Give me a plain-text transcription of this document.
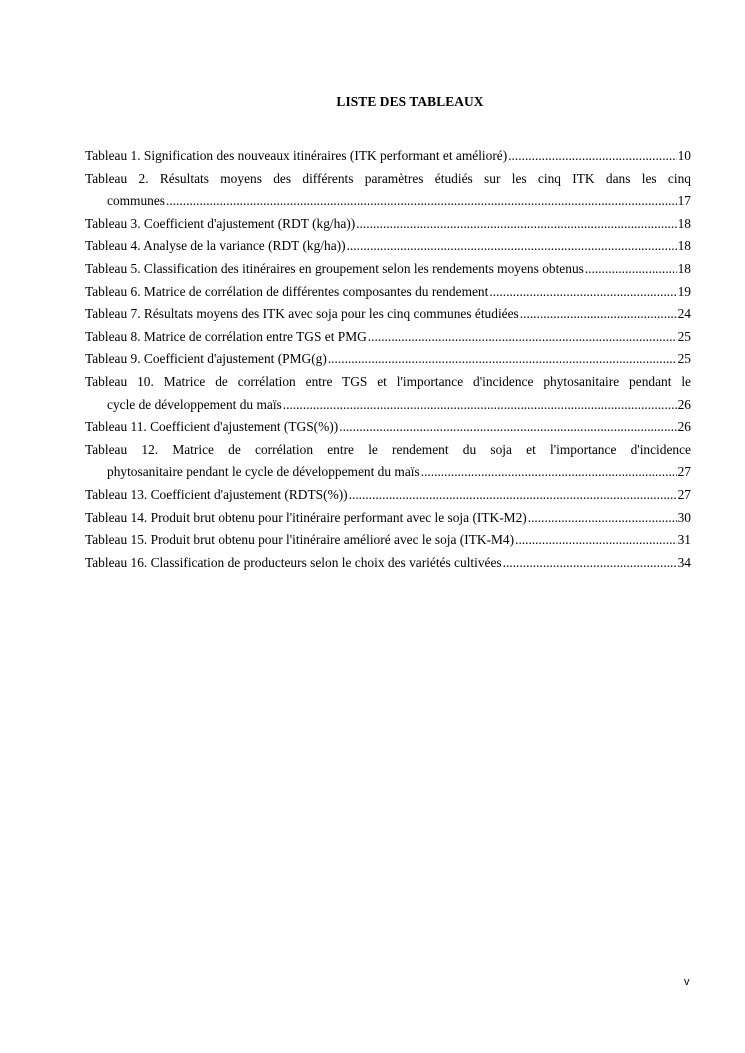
LISTE DES TABLEAUX
Tableau 1. Signification des nouveaux itinéraires (ITK performant et amélioré) .....	10
Tableau 2. Résultats moyens des différents paramètres étudiés sur les cinq ITK dans les cinq
communes .....	17
Tableau 3. Coefficient d'ajustement (RDT (kg/ha)) .....	18
Tableau 4. Analyse de la variance (RDT (kg/ha)) .....	18
Tableau 5. Classification des itinéraires en groupement selon les rendements moyens obtenus .....	18
Tableau 6. Matrice de corrélation de différentes composantes du rendement .....	19
Tableau 7. Résultats moyens des ITK avec soja pour les cinq communes étudiées .....	24
Tableau 8. Matrice de corrélation entre TGS et PMG .....	25
Tableau 9. Coefficient d'ajustement (PMG(g) .....	25
Tableau 10. Matrice de corrélation entre TGS et l'importance d'incidence phytosanitaire pendant le
cycle de développement du maïs .....	26
Tableau 11. Coefficient d'ajustement (TGS(%)) .....	26
Tableau 12. Matrice de corrélation entre le rendement du soja et l'importance d'incidence
phytosanitaire pendant le cycle de développement du maïs .....	27
Tableau 13. Coefficient d'ajustement (RDTS(%)) .....	27
Tableau 14. Produit brut obtenu pour l'itinéraire performant avec le soja (ITK-M2) .....	30
Tableau 15. Produit brut obtenu pour l'itinéraire amélioré avec le soja (ITK-M4) .....	31
Tableau 16. Classification de producteurs selon le choix des variétés cultivées .....	34
v
